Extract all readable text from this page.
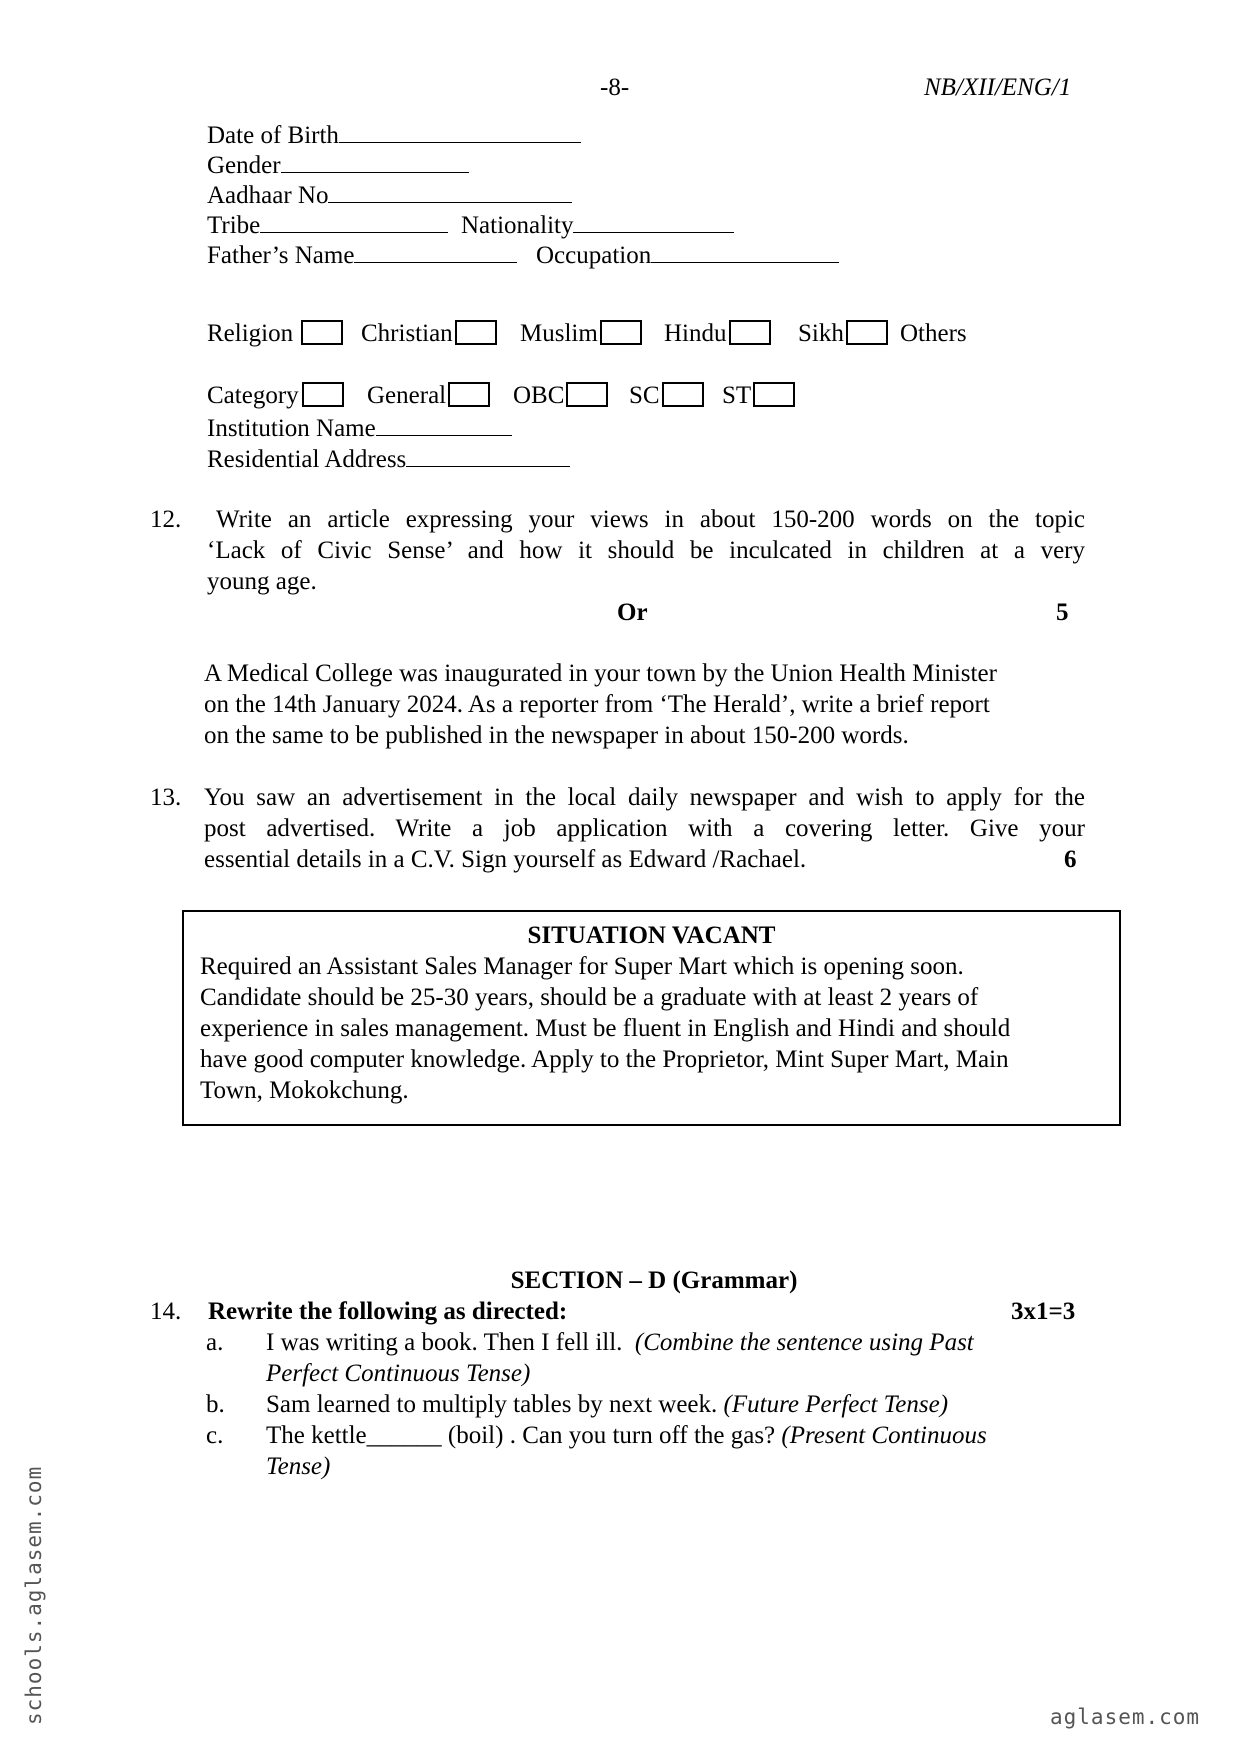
-8-	NB/XII/ENG/1
Date of Birth
Gender
Aadhaar No
Tribe	Nationality
Father’s Name	Occupation
Religion	Christian	Muslim	Hindu	Sikh	Others
Category	General	OBC	SC	ST
Institution Name
Residential Address
12. Write an article expressing your views in about 150-200 words on the topic
‘Lack of Civic Sense’ and how it should be inculcated in children at a very
young age.
Or	5
A Medical College was inaugurated in your town by the Union Health Minister
on the 14th January 2024. As a reporter from ‘The Herald’, write a brief report
on the same to be published in the newspaper in about 150-200 words.
13. You saw an advertisement in the local daily newspaper and wish to apply for the
post advertised. Write a job application with a covering letter. Give your
essential details in a C.V. Sign yourself as Edward /Rachael.	6
SITUATION VACANT
Required an Assistant Sales Manager for Super Mart which is opening soon.
Candidate should be 25-30 years, should be a graduate with at least 2 years of
experience in sales management. Must be fluent in English and Hindi and should
have good computer knowledge. Apply to the Proprietor, Mint Super Mart, Main
Town, Mokokchung.
SECTION – D (Grammar)
14. Rewrite the following as directed:	3x1=3
a. I was writing a book. Then I fell ill. (Combine the sentence using Past
Perfect Continuous Tense)
b. Sam learned to multiply tables by next week. (Future Perfect Tense)
c. The kettle______ (boil) . Can you turn off the gas? (Present Continuous
Tense)
schools.aglasem.com	aglasem.com
